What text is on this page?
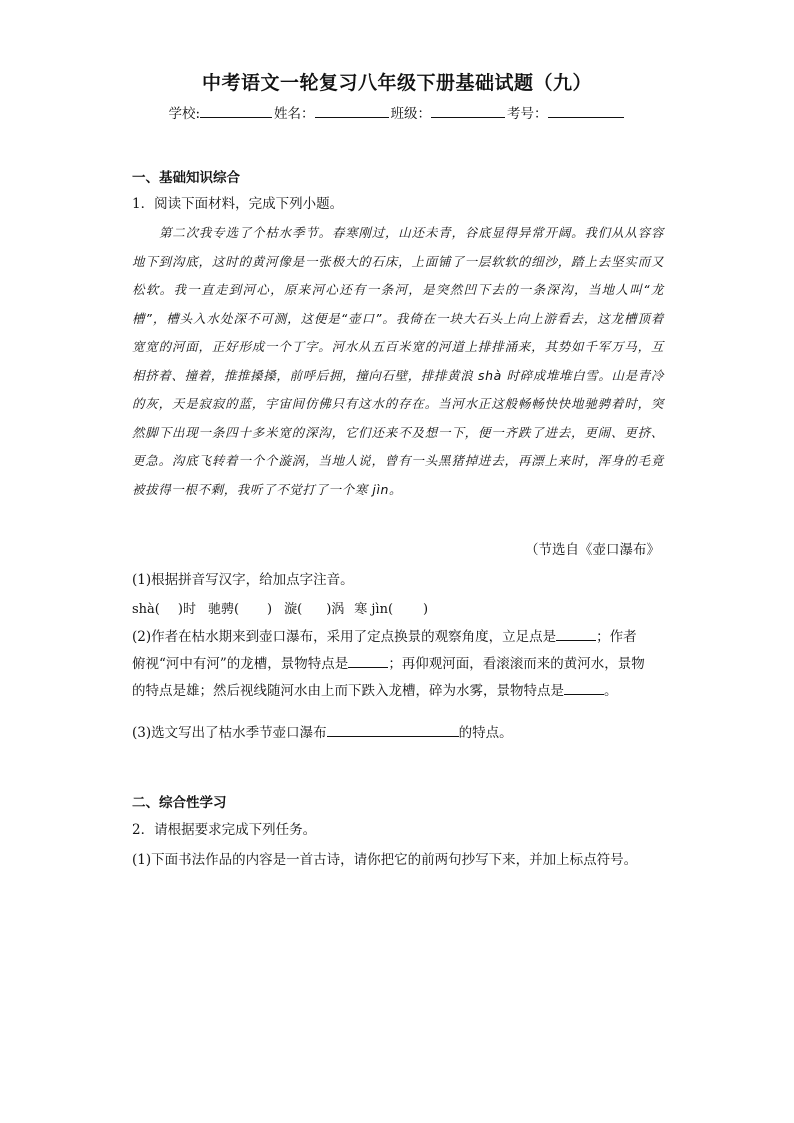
中考语文一轮复习八年级下册基础试题（九）
学校:	姓名：	班级：	考号：
一、基础知识综合
1．阅读下面材料，完成下列小题。
第二次我专选了个枯水季节。春寒刚过，山还未青，谷底显得异常开阔。我们从从容容地下到沟底，这时的黄河像是一张极大的石床，上面铺了一层软软的细沙，踏上去坚实而又松软。我一直走到河心，原来河心还有一条河，是突然凹下去的一条深沟，当地人叫“龙槽”，槽头入水处深不可测，这便是“壶口”。我倚在一块大石头上向上游看去，这龙槽顶着宽宽的河面，正好形成一个丁字。河水从五百米宽的河道上排排涌来，其势如千军万马，互相挤着、撞着，推推搡搡，前呼后拥，撞向石壁，排排黄浪 shà 时碎成堆堆白雪。山是青冷的灰，天是寂寂的蓝，宇宙间仿佛只有这水的存在。当河水正这般畅畅快快地驰骋着时，突然脚下出现一条四十多米宽的深沟，它们还来不及想一下，便一齐跌了进去，更闹、更挤、更急。沟底飞转着一个个漩涡，当地人说，曾有一头黑猪掉进去，再漂上来时，浑身的毛竟被拔得一根不剩，我听了不觉打了一个寒 jìn。
（节选自《壶口瀑布》
(1)根据拼音写汉字，给加点字注音。
shà( )时 驰骋( ) 漩( )涡 寒 jìn( )
(2)作者在枯水期来到壶口瀑布，采用了定点换景的观察角度，立足点是	；作者
俯视“河中有河”的龙槽，景物特点是	；再仰观河面，看滚滚而来的黄河水，景物
的特点是雄；然后视线随河水由上而下跌入龙槽，碎为水雾，景物特点是	。
(3)选文写出了枯水季节壶口瀑布	的特点。
二、综合性学习
2．请根据要求完成下列任务。
(1)下面书法作品的内容是一首古诗，请你把它的前两句抄写下来，并加上标点符号。
